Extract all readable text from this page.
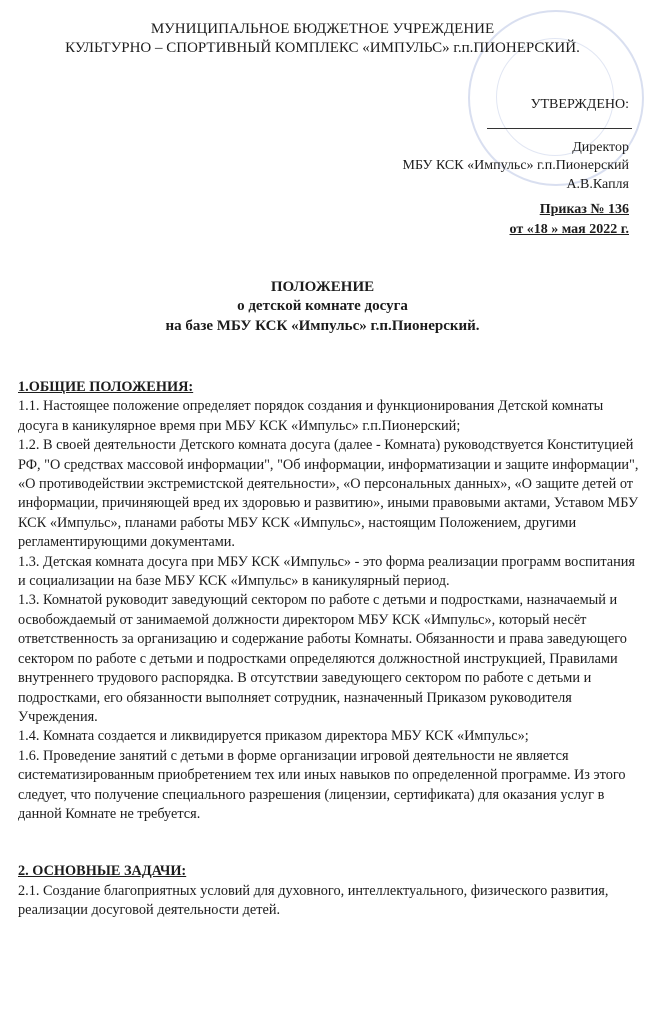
МУНИЦИПАЛЬНОЕ БЮДЖЕТНОЕ УЧРЕЖДЕНИЕ
КУЛЬТУРНО – СПОРТИВНЫЙ КОМПЛЕКС «ИМПУЛЬС» г.п.ПИОНЕРСКИЙ.
УТВЕРЖДЕНО:
Директор
МБУ КСК «Импульс» г.п.Пионерский
А.В.Капля
Приказ № 136
от «18 » мая 2022 г.
ПОЛОЖЕНИЕ
о детской комнате досуга
на базе МБУ КСК «Импульс» г.п.Пионерский.

1.ОБЩИЕ ПОЛОЖЕНИЯ:

1.1. Настоящее положение определяет порядок создания и функционирования Детской комнаты досуга в каникулярное время при МБУ КСК «Импульс» г.п.Пионерский;

1.2. В своей деятельности Детского комната досуга (далее - Комната) руководствуется Конституцией РФ, "О средствах массовой информации", "Об информации, информатизации и защите информации", «О противодействии экстремистской деятельности», «О персональных данных», «О защите детей от информации, причиняющей вред их здоровью и развитию», иными правовыми актами, Уставом МБУ КСК «Импульс», планами работы МБУ КСК «Импульс», настоящим Положением, другими регламентирующими документами.

1.3. Детская комната досуга при МБУ КСК «Импульс» - это форма реализации программ воспитания и социализации на базе МБУ КСК «Импульс» в каникулярный период.

1.3. Комнатой руководит заведующий сектором по работе с детьми и подростками, назначаемый и освобождаемый от занимаемой должности директором МБУ КСК «Импульс», который несёт ответственность за организацию и содержание работы Комнаты. Обязанности и права заведующего сектором по работе с детьми и подростками определяются должностной инструкцией, Правилами внутреннего трудового распорядка. В отсутствии заведующего сектором по работе с детьми и подростками, его обязанности выполняет сотрудник, назначенный Приказом руководителя Учреждения.

1.4. Комната создается и ликвидируется приказом директора МБУ КСК «Импульс»;

1.6. Проведение занятий с детьми в форме организации игровой деятельности не является систематизированным приобретением тех или иных навыков по определенной программе. Из этого следует, что получение специального разрешения (лицензии, сертификата) для оказания услуг в данной Комнате не требуется.

2. ОСНОВНЫЕ ЗАДАЧИ:

2.1. Создание благоприятных условий для духовного, интеллектуального, физического развития, реализации досуговой деятельности детей.
